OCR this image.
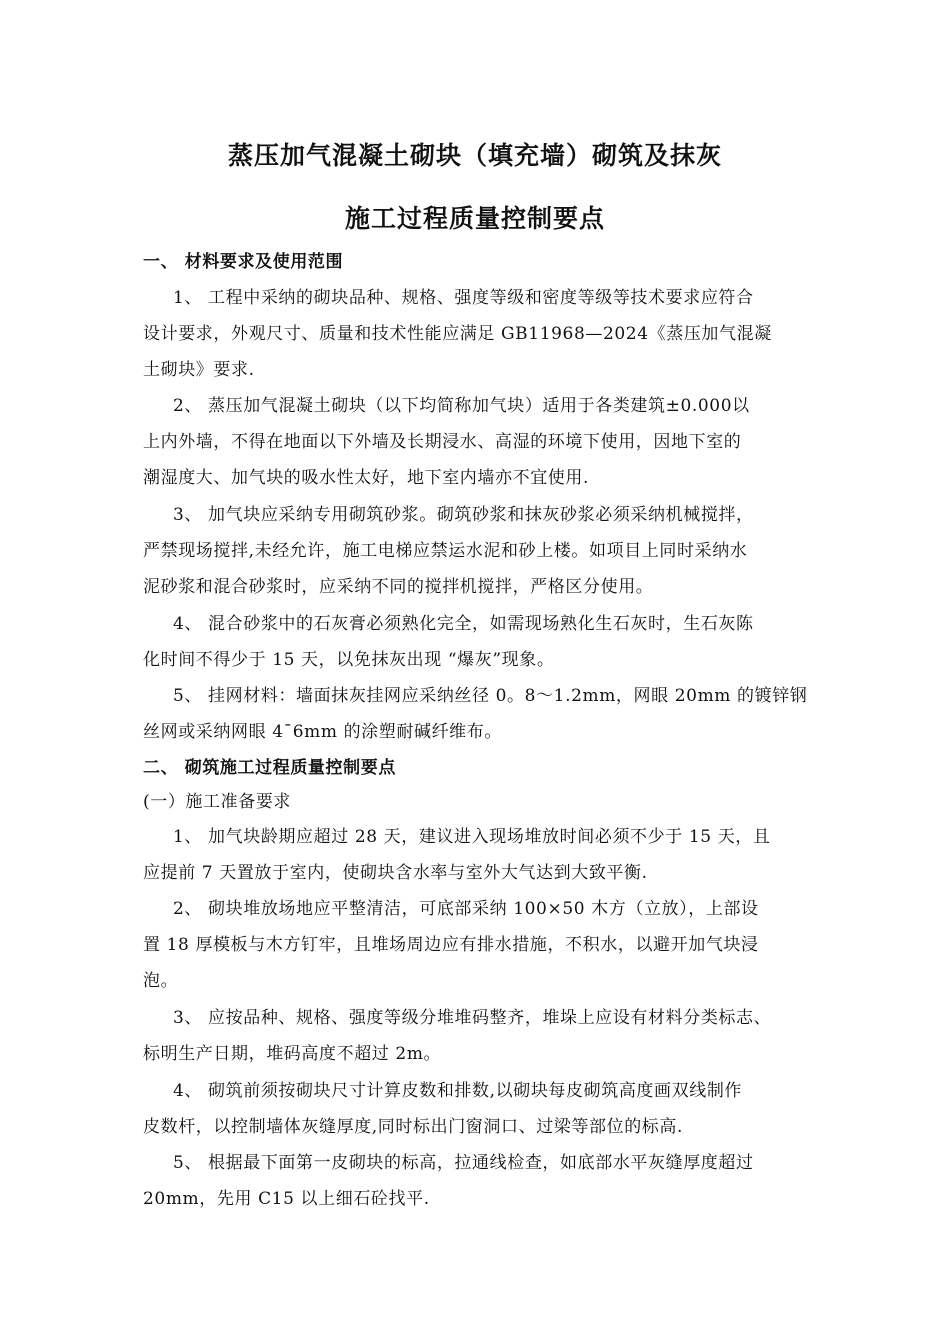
蒸压加气混凝土砌块（填充墙）砌筑及抹灰
施工过程质量控制要点
一、 材料要求及使用范围
1、 工程中采纳的砌块品种、规格、强度等级和密度等级等技术要求应符合
设计要求，外观尺寸、质量和技术性能应满足 GB11968—2024《蒸压加气混凝
土砌块》要求.
2、 蒸压加气混凝土砌块（以下均简称加气块）适用于各类建筑±0.000以
上内外墙，不得在地面以下外墙及长期浸水、高湿的环境下使用，因地下室的
潮湿度大、加气块的吸水性太好，地下室内墙亦不宜使用.
3、 加气块应采纳专用砌筑砂浆。砌筑砂浆和抹灰砂浆必须采纳机械搅拌，
严禁现场搅拌,未经允许，施工电梯应禁运水泥和砂上楼。如项目上同时采纳水
泥砂浆和混合砂浆时，应采纳不同的搅拌机搅拌，严格区分使用。
4、 混合砂浆中的石灰膏必须熟化完全，如需现场熟化生石灰时，生石灰陈
化时间不得少于 15 天，以免抹灰出现 “爆灰”现象。
5、 挂网材料：墙面抹灰挂网应采纳丝径 0。8～1.2mm，网眼 20mm 的镀锌钢
丝网或采纳网眼 4¯6mm 的涂塑耐碱纤维布。
二、 砌筑施工过程质量控制要点
(一）施工准备要求
1、 加气块龄期应超过 28 天，建议进入现场堆放时间必须不少于 15 天，且
应提前 7 天置放于室内，使砌块含水率与室外大气达到大致平衡.
2、 砌块堆放场地应平整清洁，可底部采纳 100×50 木方（立放），上部设
置 18 厚模板与木方钉牢，且堆场周边应有排水措施，不积水，以避开加气块浸
泡。
3、 应按品种、规格、强度等级分堆堆码整齐，堆垛上应设有材料分类标志、
标明生产日期，堆码高度不超过 2m。
4、 砌筑前须按砌块尺寸计算皮数和排数,以砌块每皮砌筑高度画双线制作
皮数杆，以控制墙体灰缝厚度,同时标出门窗洞口、过梁等部位的标高.
5、 根据最下面第一皮砌块的标高，拉通线检查，如底部水平灰缝厚度超过
20mm，先用 C15 以上细石砼找平.
